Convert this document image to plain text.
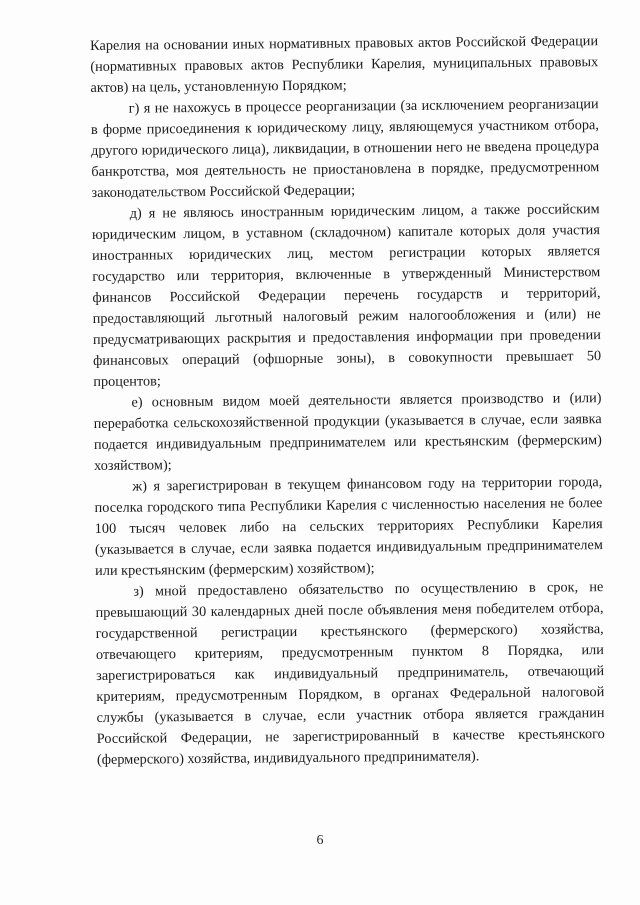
Карелия на основании иных нормативных правовых актов Российской Федерации (нормативных правовых актов Республики Карелия, муниципальных правовых актов) на цель, установленную Порядком;

г) я не нахожусь в процессе реорганизации (за исключением реорганизации в форме присоединения к юридическому лицу, являющемуся участником отбора, другого юридического лица), ликвидации, в отношении него не введена процедура банкротства, моя деятельность не приостановлена в порядке, предусмотренном законодательством Российской Федерации;

д) я не являюсь иностранным юридическим лицом, а также российским юридическим лицом, в уставном (складочном) капитале которых доля участия иностранных юридических лиц, местом регистрации которых является государство или территория, включенные в утвержденный Министерством финансов Российской Федерации перечень государств и территорий, предоставляющий льготный налоговый режим налогообложения и (или) не предусматривающих раскрытия и предоставления информации при проведении финансовых операций (офшорные зоны), в совокупности превышает 50 процентов;

е) основным видом моей деятельности является производство и (или) переработка сельскохозяйственной продукции (указывается в случае, если заявка подается индивидуальным предпринимателем или крестьянским (фермерским) хозяйством);

ж) я зарегистрирован в текущем финансовом году на территории города, поселка городского типа Республики Карелия с численностью населения не более 100 тысяч человек либо на сельских территориях Республики Карелия (указывается в случае, если заявка подается индивидуальным предпринимателем или крестьянским (фермерским) хозяйством);

з) мной предоставлено обязательство по осуществлению в срок, не превышающий 30 календарных дней после объявления меня победителем отбора, государственной регистрации крестьянского (фермерского) хозяйства, отвечающего критериям, предусмотренным пунктом 8 Порядка, или зарегистрироваться как индивидуальный предприниматель, отвечающий критериям, предусмотренным Порядком, в органах Федеральной налоговой службы (указывается в случае, если участник отбора является гражданин Российской Федерации, не зарегистрированный в качестве крестьянского (фермерского) хозяйства, индивидуального предпринимателя).

6
